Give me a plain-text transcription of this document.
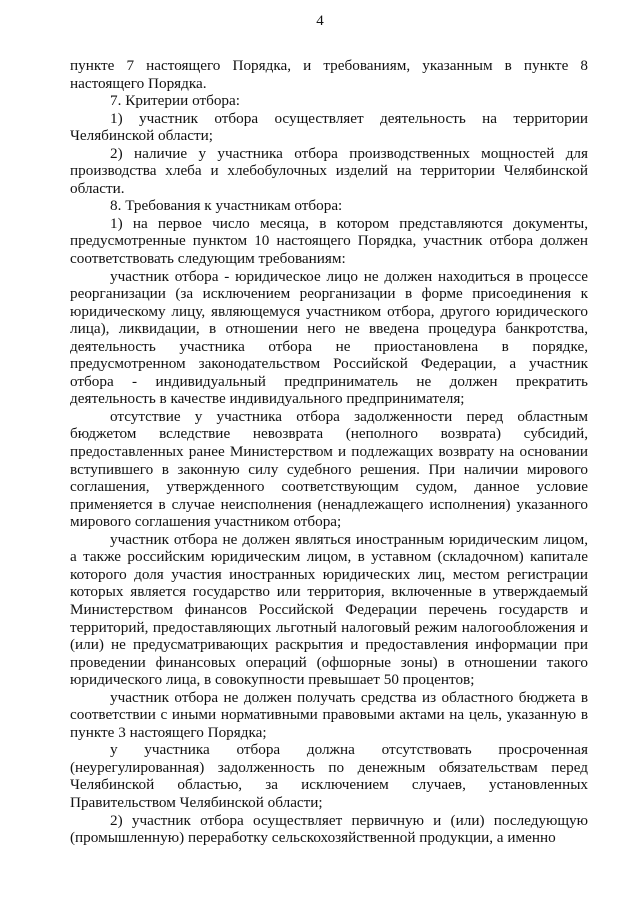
4

пункте 7 настоящего Порядка, и требованиям, указанным в пункте 8 настоящего Порядка.

7. Критерии отбора:

1) участник отбора осуществляет деятельность на территории Челябинской области;

2) наличие у участника отбора производственных мощностей для производства хлеба и хлебобулочных изделий на территории Челябинской области.

8. Требования к участникам отбора:

1) на первое число месяца, в котором представляются документы, предусмотренные пунктом 10 настоящего Порядка, участник отбора должен соответствовать следующим требованиям:

участник отбора - юридическое лицо не должен находиться в процессе реорганизации (за исключением реорганизации в форме присоединения к юридическому лицу, являющемуся участником отбора, другого юридического лица), ликвидации, в отношении него не введена процедура банкротства, деятельность участника отбора не приостановлена в порядке, предусмотренном законодательством Российской Федерации, а участник отбора - индивидуальный предприниматель не должен прекратить деятельность в качестве индивидуального предпринимателя;

отсутствие у участника отбора задолженности перед областным бюджетом вследствие невозврата (неполного возврата) субсидий, предоставленных ранее Министерством и подлежащих возврату на основании вступившего в законную силу судебного решения. При наличии мирового соглашения, утвержденного соответствующим судом, данное условие применяется в случае неисполнения (ненадлежащего исполнения) указанного мирового соглашения участником отбора;

участник отбора не должен являться иностранным юридическим лицом, а также российским юридическим лицом, в уставном (складочном) капитале которого доля участия иностранных юридических лиц, местом регистрации которых является государство или территория, включенные в утверждаемый Министерством финансов Российской Федерации перечень государств и территорий, предоставляющих льготный налоговый режим налогообложения и (или) не предусматривающих раскрытия и предоставления информации при проведении финансовых операций (офшорные зоны) в отношении такого юридического лица, в совокупности превышает 50 процентов;

участник отбора не должен получать средства из областного бюджета в соответствии с иными нормативными правовыми актами на цель, указанную в пункте 3 настоящего Порядка;

у участника отбора должна отсутствовать просроченная (неурегулированная) задолженность по денежным обязательствам перед Челябинской областью, за исключением случаев, установленных Правительством Челябинской области;

2) участник отбора осуществляет первичную и (или) последующую (промышленную) переработку сельскохозяйственной продукции, а именно
